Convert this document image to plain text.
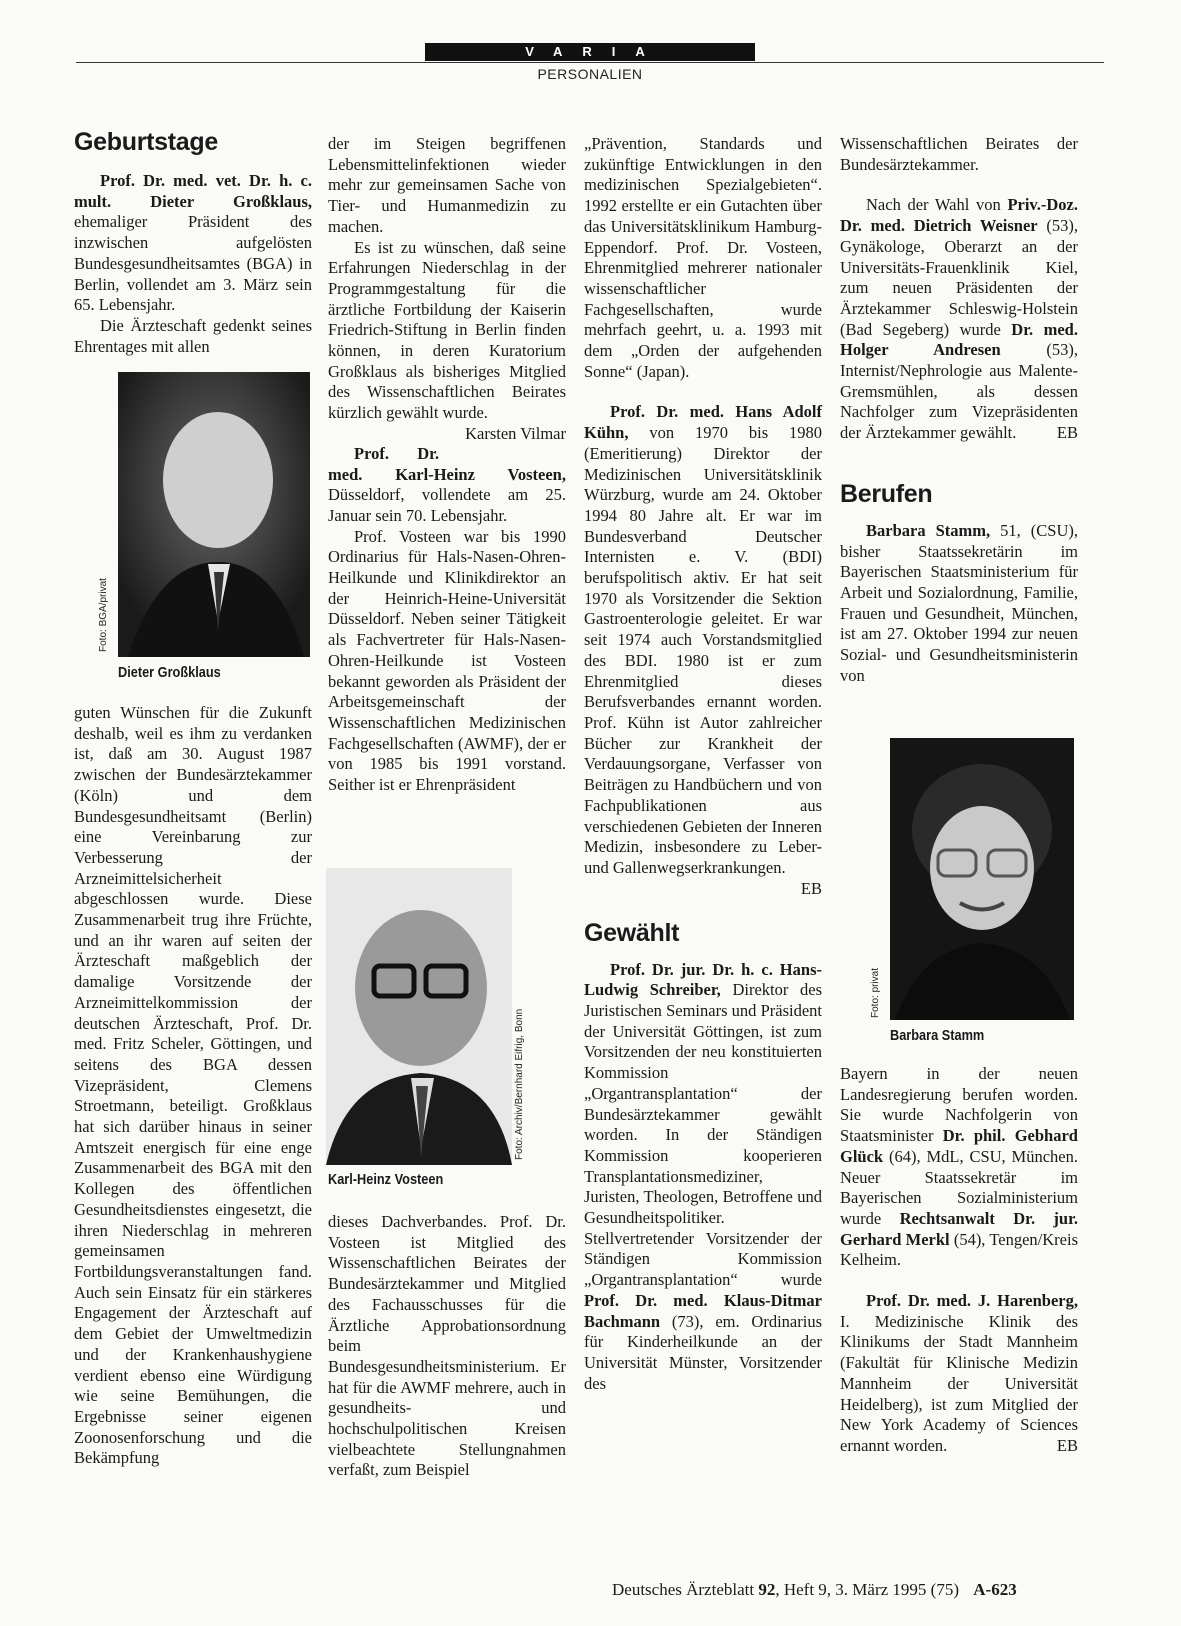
VARIA
PERSONALIEN
Geburtstage

Prof. Dr. med. vet. Dr. h. c. mult. Dieter Großklaus, ehemaliger Präsident des inzwischen aufgelösten Bundesgesundheitsamtes (BGA) in Berlin, vollendet am 3. März sein 65. Lebensjahr.

Die Ärzteschaft gedenkt seines Ehrentages mit allen

guten Wünschen für die Zukunft deshalb, weil es ihm zu verdanken ist, daß am 30. August 1987 zwischen der Bundesärztekammer (Köln) und dem Bundesgesundheitsamt (Berlin) eine Vereinbarung zur Verbesserung der Arzneimittelsicherheit abgeschlossen wurde. Diese Zusammenarbeit trug ihre Früchte, und an ihr waren auf seiten der Ärzteschaft maßgeblich der damalige Vorsitzende der Arzneimittelkommission der deutschen Ärzteschaft, Prof. Dr. med. Fritz Scheler, Göttingen, und seitens des BGA dessen Vizepräsident, Clemens Stroetmann, beteiligt. Großklaus hat sich darüber hinaus in seiner Amtszeit energisch für eine enge Zusammenarbeit des BGA mit den Kollegen des öffentlichen Gesundheitsdienstes eingesetzt, die ihren Niederschlag in mehreren gemeinsamen Fortbildungsveranstaltungen fand. Auch sein Einsatz für ein stärkeres Engagement der Ärzteschaft auf dem Gebiet der Umweltmedizin und der Krankenhaushygiene verdient ebenso eine Würdigung wie seine Bemühungen, die Ergebnisse seiner eigenen Zoonosenforschung und die Bekämpfung

Foto: BGA/privat
Dieter Großklaus

der im Steigen begriffenen Lebensmittelinfektionen wieder mehr zur gemeinsamen Sache von Tier- und Humanmedizin zu machen.

Es ist zu wünschen, daß seine Erfahrungen Niederschlag in der Programmgestaltung für die ärztliche Fortbildung der Kaiserin Friedrich-Stiftung in Berlin finden können, in deren Kuratorium Großklaus als bisheriges Mitglied des Wissenschaftlichen Beirates kürzlich gewählt wurde.
Karsten Vilmar

Prof. Dr. med. Karl-Heinz Vosteen, Düsseldorf, vollendete am 25. Januar sein 70. Lebensjahr.

Prof. Vosteen war bis 1990 Ordinarius für Hals-Nasen-Ohren-Heilkunde und Klinikdirektor an der Heinrich-Heine-Universität Düsseldorf. Neben seiner Tätigkeit als Fachvertreter für Hals-Nasen-Ohren-Heilkunde ist Vosteen bekannt geworden als Präsident der Arbeitsgemeinschaft der Wissenschaftlichen Medizinischen Fachgesellschaften (AWMF), der er von 1985 bis 1991 vorstand. Seither ist er Ehrenpräsident

dieses Dachverbandes. Prof. Dr. Vosteen ist Mitglied des Wissenschaftlichen Beirates der Bundesärztekammer und Mitglied des Fachausschusses für die Ärztliche Approbationsordnung beim Bundesgesundheitsministerium. Er hat für die AWMF mehrere, auch in gesundheits- und hochschulpolitischen Kreisen vielbeachtete Stellungnahmen verfaßt, zum Beispiel

Foto: Archiv/Bernhard Eifrig, Bonn
Karl-Heinz Vosteen

„Prävention, Standards und zukünftige Entwicklungen in den medizinischen Spezialgebieten“. 1992 erstellte er ein Gutachten über das Universitätsklinikum Hamburg-Eppendorf. Prof. Dr. Vosteen, Ehrenmitglied mehrerer nationaler wissenschaftlicher Fachgesellschaften, wurde mehrfach geehrt, u. a. 1993 mit dem „Orden der aufgehenden Sonne“ (Japan).

Prof. Dr. med. Hans Adolf Kühn, von 1970 bis 1980 (Emeritierung) Direktor der Medizinischen Universitätsklinik Würzburg, wurde am 24. Oktober 1994 80 Jahre alt. Er war im Bundesverband Deutscher Internisten e. V. (BDI) berufspolitisch aktiv. Er hat seit 1970 als Vorsitzender die Sektion Gastroenterologie geleitet. Er war seit 1974 auch Vorstandsmitglied des BDI. 1980 ist er zum Ehrenmitglied dieses Berufsverbandes ernannt worden. Prof. Kühn ist Autor zahlreicher Bücher zur Krankheit der Verdauungsorgane, Verfasser von Beiträgen zu Handbüchern und von Fachpublikationen aus verschiedenen Gebieten der Inneren Medizin, insbesondere zu Leber- und Gallenwegserkrankungen.
EB

Gewählt

Prof. Dr. jur. Dr. h. c. Hans-Ludwig Schreiber, Direktor des Juristischen Seminars und Präsident der Universität Göttingen, ist zum Vorsitzenden der neu konstituierten Kommission „Organtransplantation“ der Bundesärztekammer gewählt worden. In der Ständigen Kommission kooperieren Transplantationsmediziner, Juristen, Theologen, Betroffene und Gesundheitspolitiker. Stellvertretender Vorsitzender der Ständigen Kommission „Organtransplantation“ wurde Prof. Dr. med. Klaus-Ditmar Bachmann (73), em. Ordinarius für Kinderheilkunde an der Universität Münster, Vorsitzender des

Wissenschaftlichen Beirates der Bundesärztekammer.

Nach der Wahl von Priv.-Doz. Dr. med. Dietrich Weisner (53), Gynäkologe, Oberarzt an der Universitäts-Frauenklinik Kiel, zum neuen Präsidenten der Ärztekammer Schleswig-Holstein (Bad Segeberg) wurde Dr. med. Holger Andresen (53), Internist/Nephrologie aus Malente-Gremsmühlen, als dessen Nachfolger zum Vizepräsidenten der Ärztekammer gewählt.	EB

Berufen

Barbara Stamm, 51, (CSU), bisher Staatssekretärin im Bayerischen Staatsministerium für Arbeit und Sozialordnung, Familie, Frauen und Gesundheit, München, ist am 27. Oktober 1994 zur neuen Sozial- und Gesundheitsministerin von

Bayern in der neuen Landesregierung berufen worden. Sie wurde Nachfolgerin von Staatsminister Dr. phil. Gebhard Glück (64), MdL, CSU, München. Neuer Staatssekretär im Bayerischen Sozialministerium wurde Rechtsanwalt Dr. jur. Gerhard Merkl (54), Tengen/Kreis Kelheim.

Prof. Dr. med. J. Harenberg, I. Medizinische Klinik des Klinikums der Stadt Mannheim (Fakultät für Klinische Medizin Mannheim der Universität Heidelberg), ist zum Mitglied der New York Academy of Sciences ernannt worden.	EB

Foto: privat
Barbara Stamm
Deutsches Ärzteblatt 92, Heft 9, 3. März 1995 (75) A-623
